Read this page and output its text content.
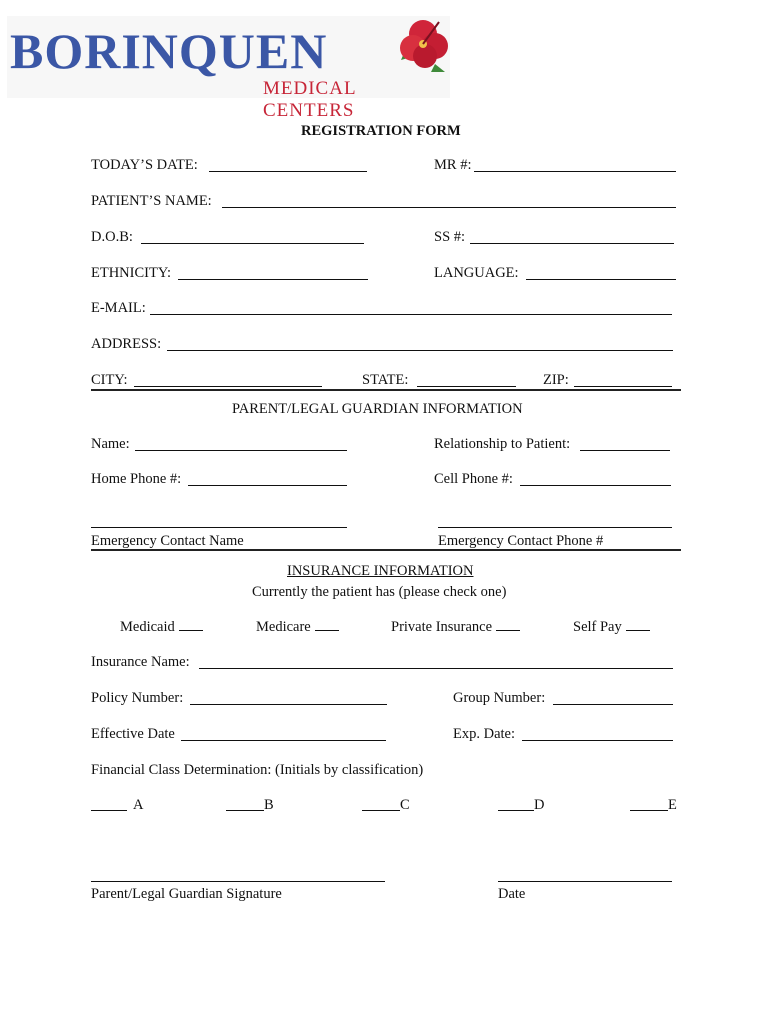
BORINQUEN
MEDICAL CENTERS
REGISTRATION FORM
TODAY’S DATE:	MR #:
PATIENT’S NAME:
D.O.B:	SS #:
ETHNICITY:	LANGUAGE:
E-MAIL:
ADDRESS:
CITY:	STATE:	ZIP:
PARENT/LEGAL GUARDIAN INFORMATION
Name:	Relationship to Patient:
Home Phone #:	Cell Phone #:
Emergency Contact Name	Emergency Contact Phone #
INSURANCE INFORMATION
Currently the patient has (please check one)
Medicaid	Medicare	Private Insurance	Self Pay
Insurance Name:
Policy Number:	Group Number:
Effective Date	Exp. Date:
Financial Class Determination: (Initials by classification)
A	B	C	D	E
Parent/Legal Guardian Signature	Date
